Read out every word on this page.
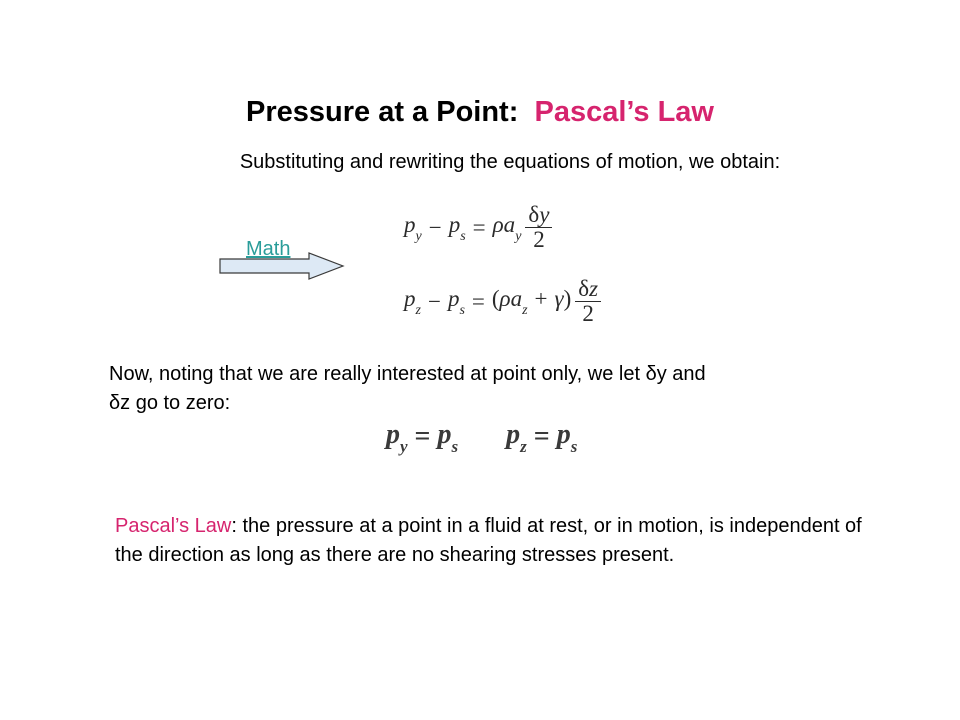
Pressure at a Point: Pascal’s Law
Substituting and rewriting the equations of motion, we obtain:
Math
$p_y - p_s = \rho a_y \frac{\delta y}{2}$
$p_z - p_s = (\rho a_z + \gamma) \frac{\delta z}{2}$
Now, noting that we are really interested at point only, we let δy and
δz go to zero:
$p_y = p_s$ $p_z = p_s$
Pascal’s Law: the pressure at a point in a fluid at rest, or in motion, is independent of the direction as long as there are no shearing stresses present.
